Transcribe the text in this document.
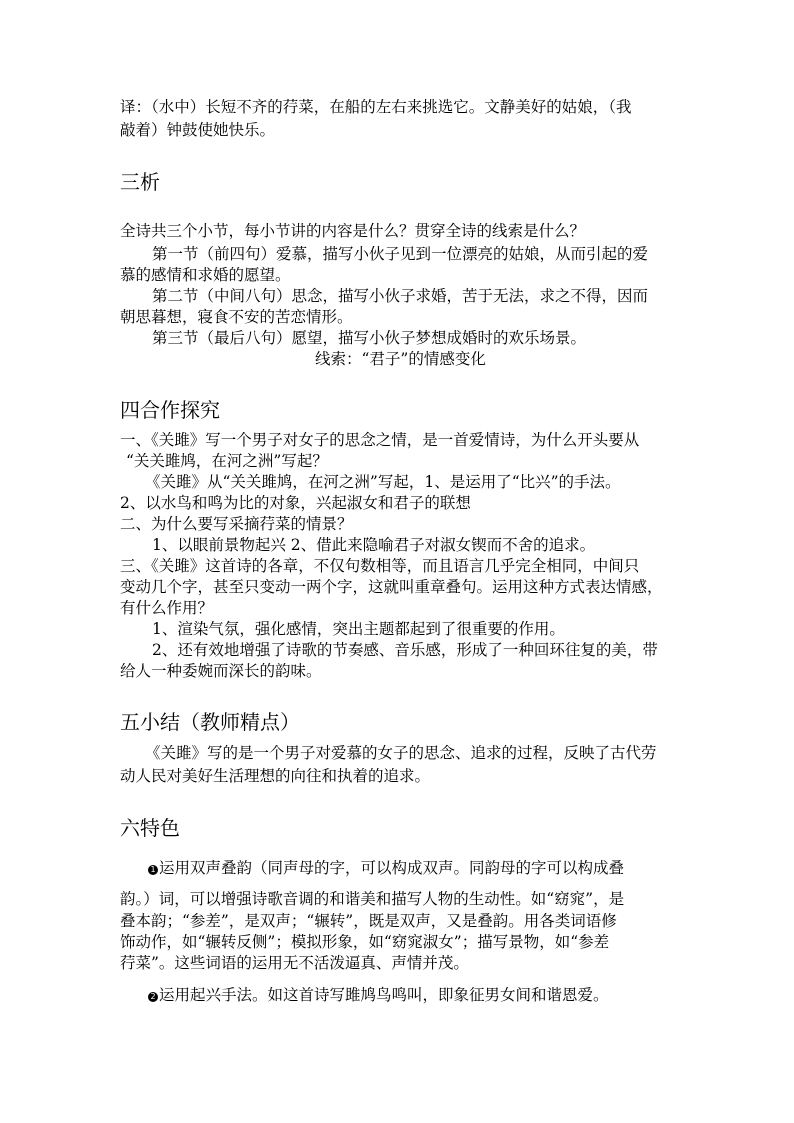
译：（水中）长短不齐的荇菜，在船的左右来挑选它。文静美好的姑娘，（我
敲着）钟鼓使她快乐。
三析
全诗共三个小节，每小节讲的内容是什么？贯穿全诗的线索是什么？
第一节（前四句）爱慕，描写小伙子见到一位漂亮的姑娘，从而引起的爱
慕的感情和求婚的愿望。
第二节（中间八句）思念，描写小伙子求婚，苦于无法，求之不得，因而
朝思暮想，寝食不安的苦恋情形。
第三节（最后八句）愿望，描写小伙子梦想成婚时的欢乐场景。
线索：“君子”的情感变化
四合作探究
一、《关雎》写一个男子对女子的思念之情，是一首爱情诗，为什么开头要从
“关关雎鸠，在河之洲”写起？
《关雎》从“关关雎鸠，在河之洲”写起，1、是运用了“比兴”的手法。
2、以水鸟和鸣为比的对象，兴起淑女和君子的联想
二、为什么要写采摘荇菜的情景？
1、以眼前景物起兴 2、借此来隐喻君子对淑女锲而不舍的追求。
三、《关雎》这首诗的各章，不仅句数相等，而且语言几乎完全相同，中间只
变动几个字，甚至只变动一两个字，这就叫重章叠句。运用这种方式表达情感，
有什么作用？
1、渲染气氛，强化感情，突出主题都起到了很重要的作用。
2、还有效地增强了诗歌的节奏感、音乐感，形成了一种回环往复的美，带
给人一种委婉而深长的韵味。
五小结（教师精点）
《关雎》写的是一个男子对爱慕的女子的思念、追求的过程，反映了古代劳
动人民对美好生活理想的向往和执着的追求。
六特色
1 运用双声叠韵（同声母的字，可以构成双声。同韵母的字可以构成叠
韵。）词，可以增强诗歌音调的和谐美和描写人物的生动性。如“窈窕”，是
叠本韵；“参差”，是双声；“辗转”，既是双声，又是叠韵。用各类词语修
饰动作，如“辗转反侧”；模拟形象，如“窈窕淑女”；描写景物，如“参差
荇菜”。这些词语的运用无不活泼逼真、声情并茂。
2 运用起兴手法。如这首诗写雎鸠鸟鸣叫，即象征男女间和谐恩爱。
